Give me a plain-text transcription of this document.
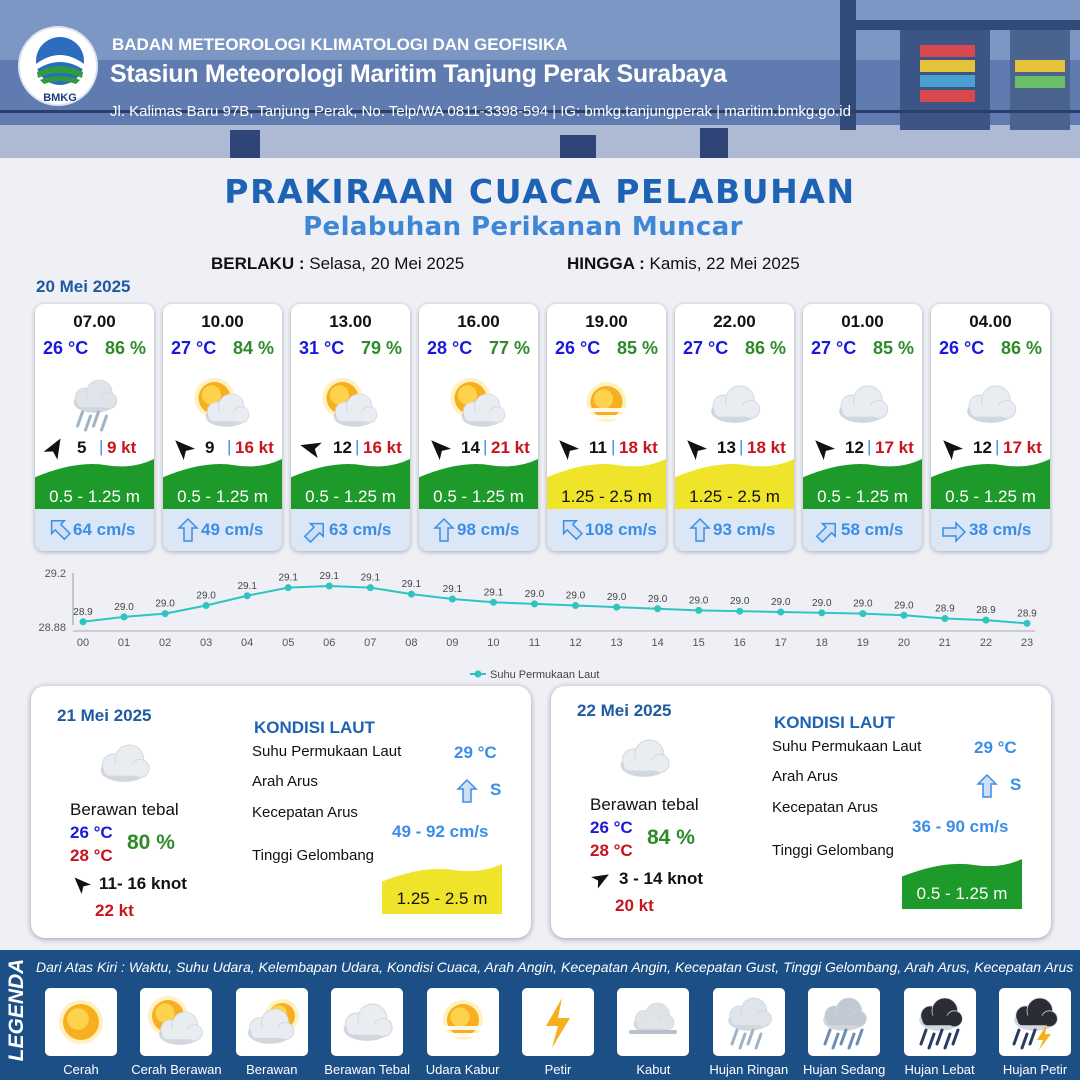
BMKG
BADAN METEOROLOGI KLIMATOLOGI DAN GEOFISIKA
Stasiun Meteorologi Maritim Tanjung Perak Surabaya
Jl. Kalimas Baru 97B, Tanjung Perak, No. Telp/WA 0811-3398-594 | IG: bmkg.tanjungperak | maritim.bmkg.go.id
PRAKIRAAN CUACA PELABUHAN
Pelabuhan Perikanan Muncar
BERLAKU : Selasa, 20 Mei 2025	HINGGA : Kamis, 22 Mei 2025
20 Mei 2025
07.00
26 °C 86 %
5 | 9 kt
0.5 - 1.25 m
64 cm/s
10.00
27 °C 84 %
9 | 16 kt
0.5 - 1.25 m
49 cm/s
13.00
31 °C 79 %
12 | 16 kt
0.5 - 1.25 m
63 cm/s
16.00
28 °C 77 %
14 | 21 kt
0.5 - 1.25 m
98 cm/s
19.00
26 °C 85 %
11 | 18 kt
1.25 - 2.5 m
108 cm/s
22.00
27 °C 86 %
13 | 18 kt
1.25 - 2.5 m
93 cm/s
01.00
27 °C 85 %
12 | 17 kt
0.5 - 1.25 m
58 cm/s
04.00
26 °C 86 %
12 | 17 kt
0.5 - 1.25 m
38 cm/s
29.2
28.88
28.9
00
29.0
01
29.0
02
29.0
03
29.1
04
29.1
05
29.1
06
29.1
07
29.1
08
29.1
09
29.1
10
29.0
11
29.0
12
29.0
13
29.0
14
29.0
15
29.0
16
29.0
17
29.0
18
29.0
19
29.0
20
28.9
21
28.9
22
28.9
23
Suhu Permukaan Laut
21 Mei 2025
Berawan tebal
26 °C
28 °C
80 %
11- 16 knot
22 kt
KONDISI LAUT
Suhu Permukaan Laut	29 °C
Arah Arus	S
Kecepatan Arus
49 - 92 cm/s
Tinggi Gelombang
1.25 - 2.5 m
22 Mei 2025
Berawan tebal
26 °C
28 °C
84 %
3 - 14 knot
20 kt
KONDISI LAUT
Suhu Permukaan Laut	29 °C
Arah Arus	S
Kecepatan Arus
36 - 90 cm/s
Tinggi Gelombang
0.5 - 1.25 m
LEGENDA Dari Atas Kiri : Waktu, Suhu Udara, Kelembapan Udara, Kondisi Cuaca, Arah Angin, Kecepatan Angin, Kecepatan Gust, Tinggi Gelombang, Arah Arus, Kecepatan Arus
Cerah	Cerah Berawan	Berawan	Berawan Tebal	Udara Kabur	Petir	Kabut	Hujan Ringan	Hujan Sedang	Hujan Lebat	Hujan Petir
